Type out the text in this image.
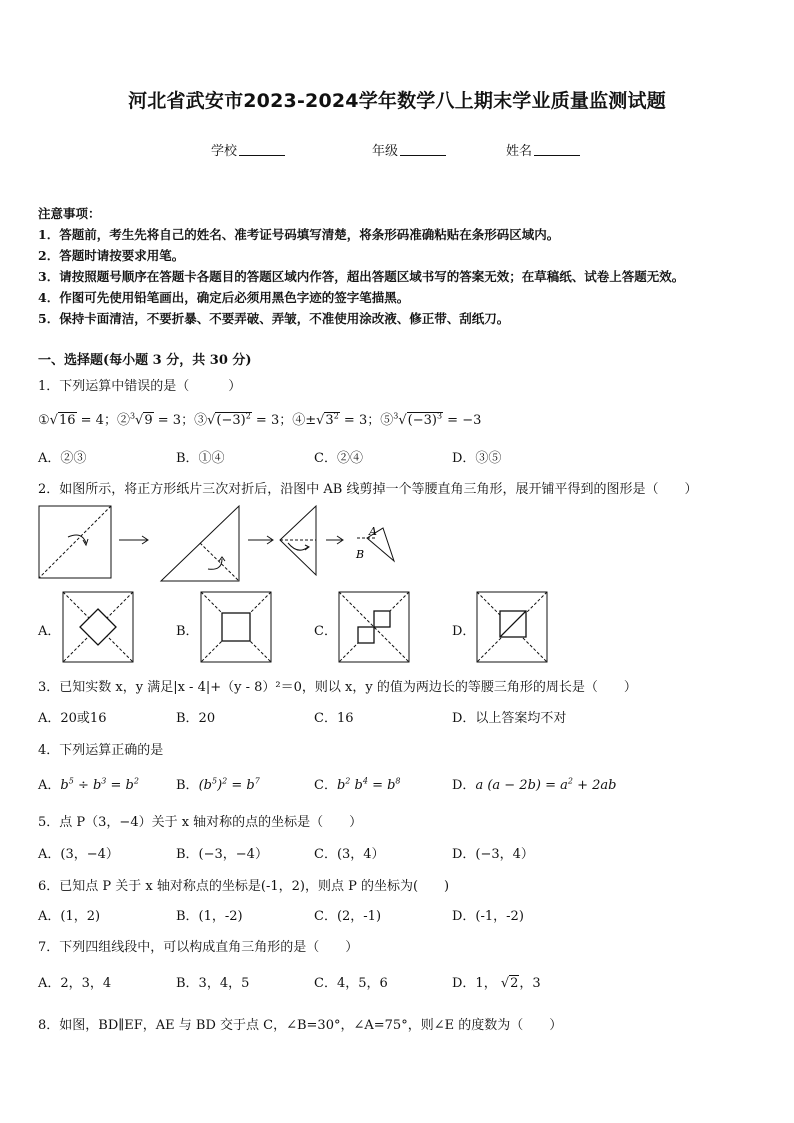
河北省武安市2023-2024学年数学八上期末学业质量监测试题
学校	年级	姓名
注意事项：
1．答题前，考生先将自己的姓名、准考证号码填写清楚，将条形码准确粘贴在条形码区域内。
2．答题时请按要求用笔。
3．请按照题号顺序在答题卡各题目的答题区域内作答，超出答题区域书写的答案无效；在草稿纸、试卷上答题无效。
4．作图可先使用铅笔画出，确定后必须用黑色字迹的签字笔描黑。
5．保持卡面清洁，不要折暴、不要弄破、弄皱，不准使用涂改液、修正带、刮纸刀。
一、选择题(每小题 3 分，共 30 分)
1．下列运算中错误的是（　　　）
①√16 = 4；②$^3$√9 = 3；$③√(-3)^2 = 3$；$④\pm√3^2 = 3$；$⑤^3√(-3)^3 = -3$
A．②③	B．①④	C．②④	D．③⑤
2．如图所示，将正方形纸片三次对折后，沿图中 AB 线剪掉一个等腰直角三角形，展开铺平得到的图形是（　　）
A
B
A．	B．	C．	D．
3．已知实数 x，y 满足|x - 4|+（y - 8）²＝0，则以 x，y 的值为两边长的等腰三角形的周长是（　　）
A．20或16	B．20	C．16	D．以上答案均不对
4．下列运算正确的是
A．$b^5 \div b^3 = b^2$	B．$(b^5)^2 = b^7$	C．$b^2$ $b^4 = b^8$	D．a $(a - 2b) = a^2 + 2ab$
5．点 P（3，−4）关于 x 轴对称的点的坐标是（　　）
A．(3，−4）	B．(−3，−4）	C．(3，4）	D．(−3，4）
6．已知点 P 关于 x 轴对称点的坐标是(-1，2)，则点 P 的坐标为(　　)
A．(1，2)	B．(1，-2)	C．(2，-1)	D．(-1，-2)
7．下列四组线段中，可以构成直角三角形的是（　　）
A．2，3，4	B．3，4，5	C．4，5，6	D．1， √2，3
8．如图，BD∥EF，AE 与 BD 交于点 C，∠B=30°，∠A=75°，则∠E 的度数为（　　）
